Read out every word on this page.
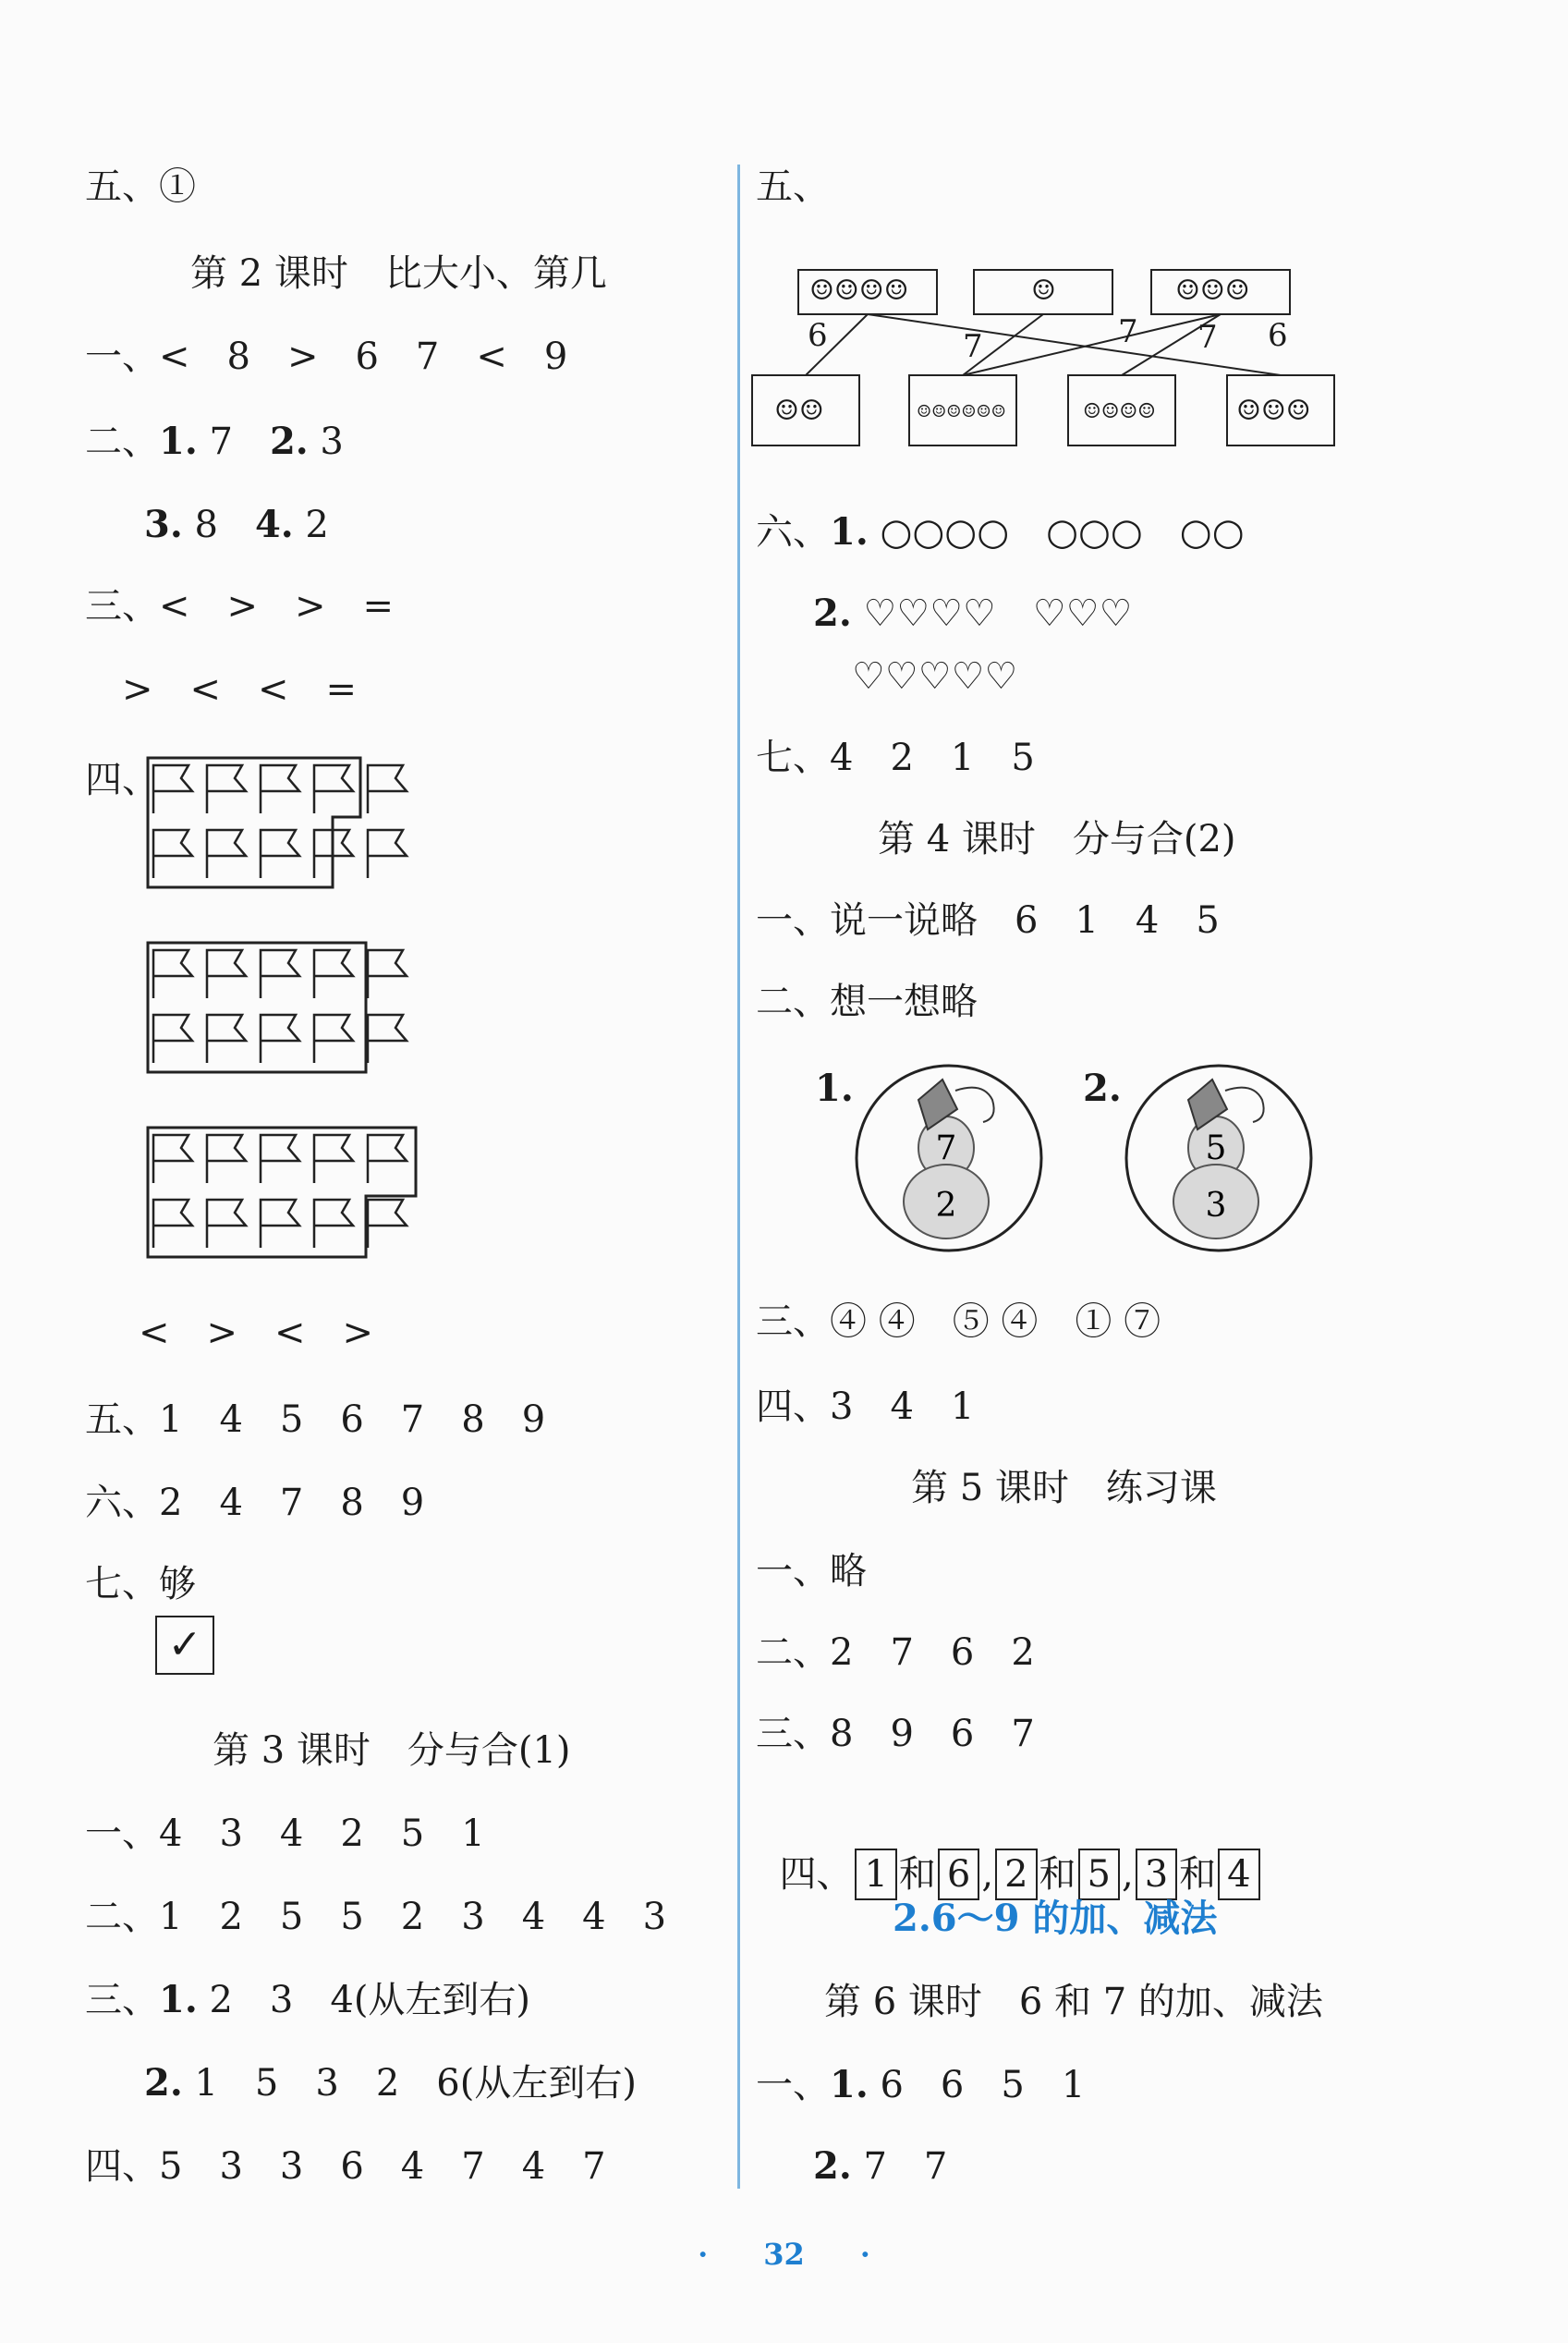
五、①
第 2 课时　比大小、第几
一、<　8　>　6　7　<　9
二、1. 7　2. 3
3. 8　4. 2
三、<　>　>　=
　>　<　<　=
四、
<　>　<　>
五、1　4　5　6　7　8　9
六、2　4　7　8　9
七、够
✓
第 3 课时　分与合(1)
一、4　3　4　2　5　1
二、1　2　5　5　2　3　4　4　3
三、1. 2　3　4(从左到右)
2. 1　5　3　2　6(从左到右)
四、5　3　3　6　4　7　4　7
五、
☺☺☺☺	☺	☺☺☺
☺☺	☺☺☺☺☺☺	☺☺☺☺	☺☺☺
6	7	7 7 6
六、1. ○○○○　○○○　○○
2. ♡♡♡♡　♡♡♡
♡♡♡♡♡
七、4　2　1　5
第 4 课时　分与合(2)
一、说一说略　6　1　4　5
二、想一想略
1.	2.
7
2
5
3
三、④ ④　⑤ ④　① ⑦
四、3　4　1
第 5 课时　练习课
一、略
二、2　7　6　2
三、8　9　6　7

四、 1 和 6 , 2 和 5 , 3 和 4

2.6～9 的加、减法
第 6 课时　6 和 7 的加、减法
一、1. 6　6　5　1
2. 7　7
· 32 ·
